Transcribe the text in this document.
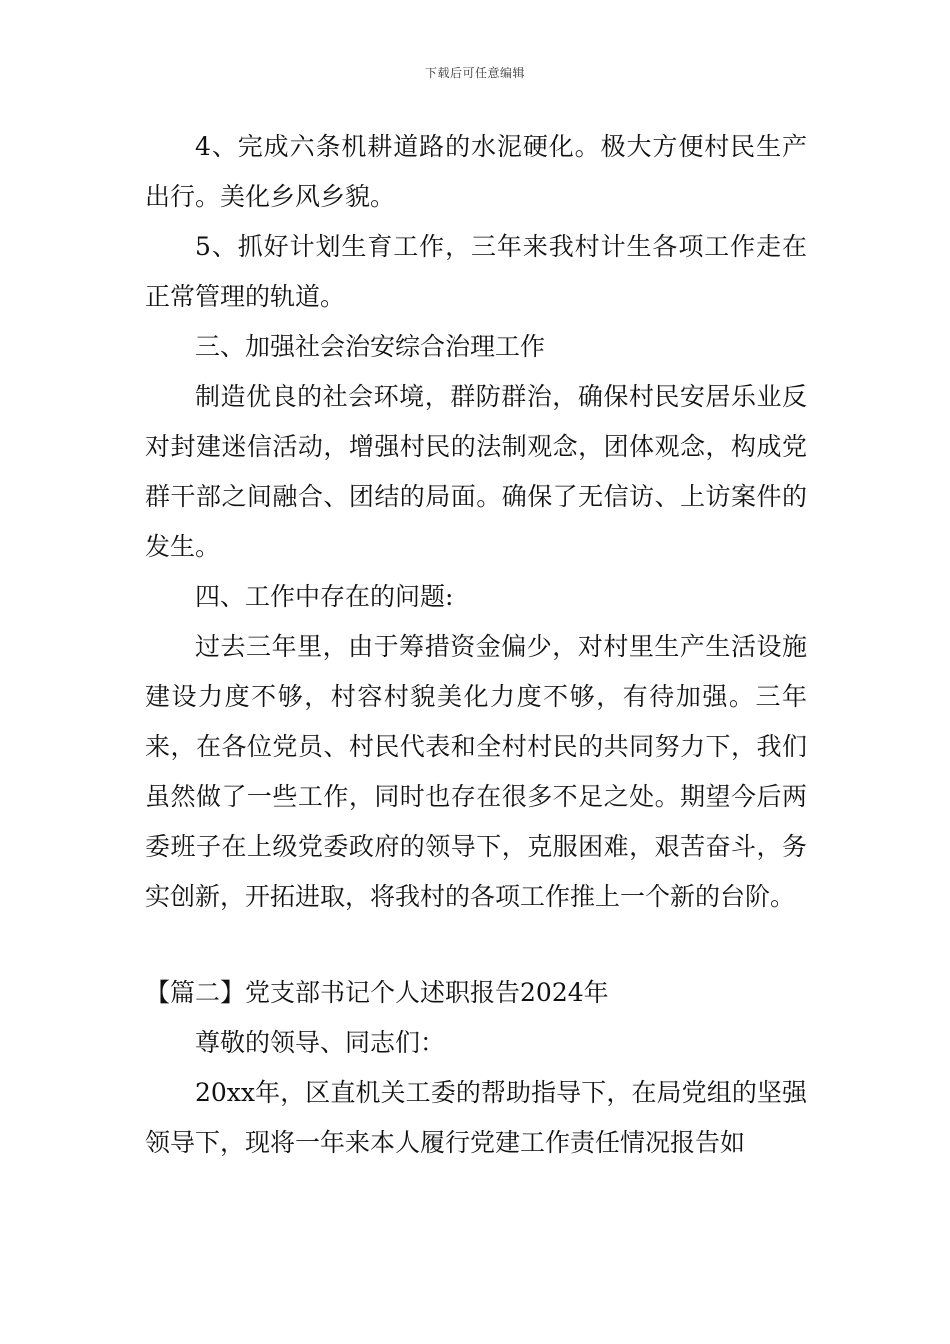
下载后可任意编辑

4、完成六条机耕道路的水泥硬化。极大方便村民生产出行。美化乡风乡貌。

5、抓好计划生育工作，三年来我村计生各项工作走在正常管理的轨道。

三、加强社会治安综合治理工作

制造优良的社会环境，群防群治，确保村民安居乐业反对封建迷信活动，增强村民的法制观念，团体观念，构成党群干部之间融合、团结的局面。确保了无信访、上访案件的发生。

四、工作中存在的问题:

过去三年里，由于筹措资金偏少，对村里生产生活设施建设力度不够，村容村貌美化力度不够，有待加强。三年来，在各位党员、村民代表和全村村民的共同努力下，我们虽然做了一些工作，同时也存在很多不足之处。期望今后两委班子在上级党委政府的领导下，克服困难，艰苦奋斗，务实创新，开拓进取，将我村的各项工作推上一个新的台阶。

【篇二】党支部书记个人述职报告2024年

尊敬的领导、同志们：

20xx年，区直机关工委的帮助指导下，在局党组的坚强领导下，现将一年来本人履行党建工作责任情况报告如
